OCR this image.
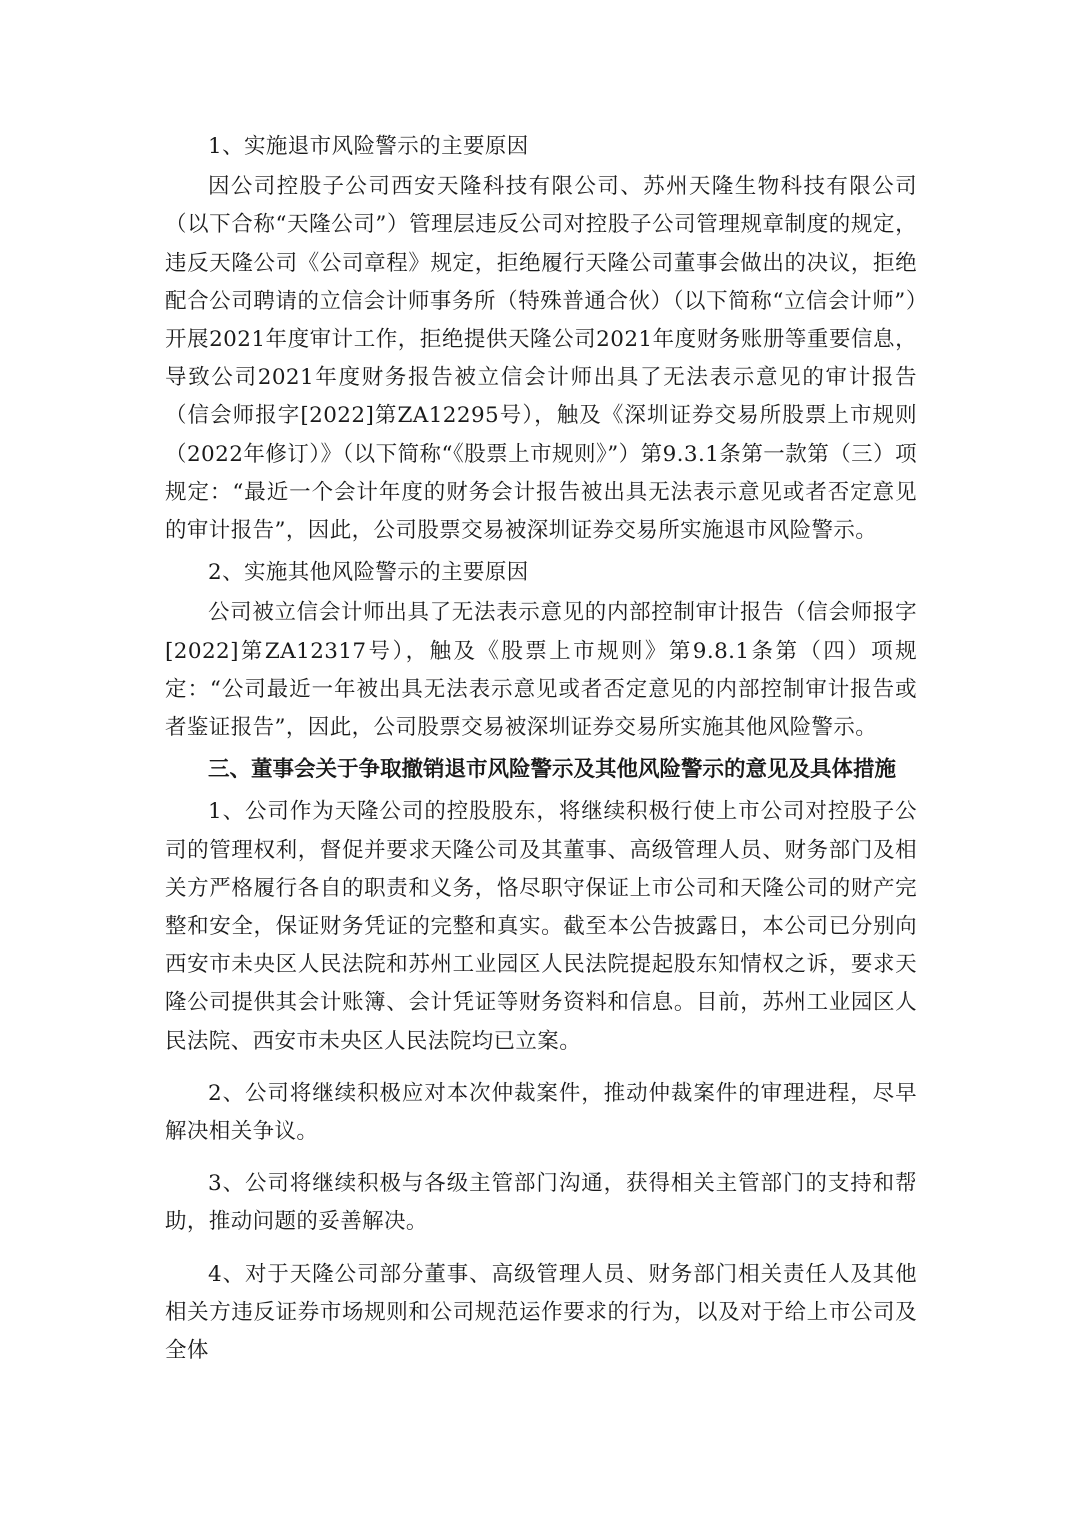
1、实施退市风险警示的主要原因

因公司控股子公司西安天隆科技有限公司、苏州天隆生物科技有限公司（以下合称“天隆公司”）管理层违反公司对控股子公司管理规章制度的规定，违反天隆公司《公司章程》规定，拒绝履行天隆公司董事会做出的决议，拒绝配合公司聘请的立信会计师事务所（特殊普通合伙）（以下简称“立信会计师”）开展2021年度审计工作，拒绝提供天隆公司2021年度财务账册等重要信息，导致公司2021年度财务报告被立信会计师出具了无法表示意见的审计报告（信会师报字[2022]第ZA12295号），触及《深圳证券交易所股票上市规则（2022年修订）》（以下简称“《股票上市规则》”）第9.3.1条第一款第（三）项规定：“最近一个会计年度的财务会计报告被出具无法表示意见或者否定意见的审计报告”，因此，公司股票交易被深圳证券交易所实施退市风险警示。

2、实施其他风险警示的主要原因

公司被立信会计师出具了无法表示意见的内部控制审计报告（信会师报字[2022]第ZA12317号），触及《股票上市规则》第9.8.1条第（四）项规定：“公司最近一年被出具无法表示意见或者否定意见的内部控制审计报告或者鉴证报告”，因此，公司股票交易被深圳证券交易所实施其他风险警示。

三、董事会关于争取撤销退市风险警示及其他风险警示的意见及具体措施

1、公司作为天隆公司的控股股东，将继续积极行使上市公司对控股子公司的管理权利，督促并要求天隆公司及其董事、高级管理人员、财务部门及相关方严格履行各自的职责和义务，恪尽职守保证上市公司和天隆公司的财产完整和安全，保证财务凭证的完整和真实。截至本公告披露日，本公司已分别向西安市未央区人民法院和苏州工业园区人民法院提起股东知情权之诉，要求天隆公司提供其会计账簿、会计凭证等财务资料和信息。目前，苏州工业园区人民法院、西安市未央区人民法院均已立案。

2、公司将继续积极应对本次仲裁案件，推动仲裁案件的审理进程，尽早解决相关争议。

3、公司将继续积极与各级主管部门沟通，获得相关主管部门的支持和帮助，推动问题的妥善解决。

4、对于天隆公司部分董事、高级管理人员、财务部门相关责任人及其他相关方违反证券市场规则和公司规范运作要求的行为，以及对于给上市公司及全体
